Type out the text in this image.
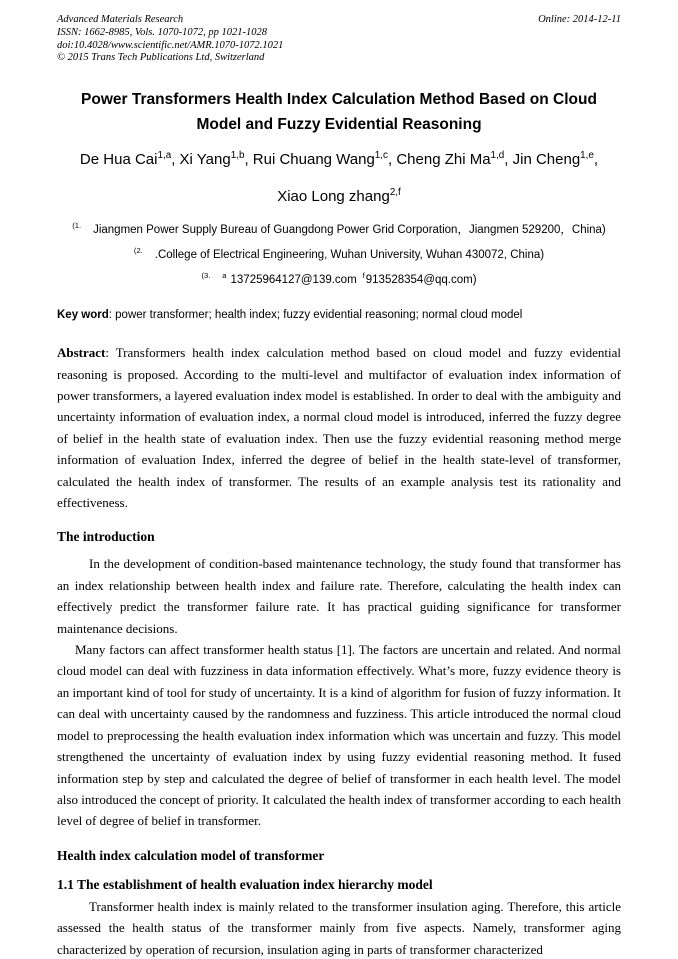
Advanced Materials Research
ISSN: 1662-8985, Vols. 1070-1072, pp 1021-1028
doi:10.4028/www.scientific.net/AMR.1070-1072.1021
© 2015 Trans Tech Publications Ltd, Switzerland
Online: 2014-12-11
Power Transformers Health Index Calculation Method Based on Cloud Model and Fuzzy Evidential Reasoning
De Hua Cai$^{1,a}$, Xi Yang$^{1,b}$, Rui Chuang Wang$^{1,c}$, Cheng Zhi Ma$^{1,d}$, Jin Cheng$^{1,e}$,
Xiao Long zhang$^{2,f}$
$^{(1.}$ Jiangmen Power Supply Bureau of Guangdong Power Grid Corporation，Jiangmen 529200，China)
$^{(2.}$ .College of Electrical Engineering, Wuhan University, Wuhan 430072, China)
$^{(3.}$ $^a$ 13725964127@139.com $^f$913528354@qq.com)
Key word: power transformer; health index; fuzzy evidential reasoning; normal cloud model

Abstract: Transformers health index calculation method based on cloud model and fuzzy evidential reasoning is proposed. According to the multi-level and multifactor of evaluation index information of power transformers, a layered evaluation index model is established. In order to deal with the ambiguity and uncertainty information of evaluation index, a normal cloud model is introduced, inferred the fuzzy degree of belief in the health state of evaluation index. Then use the fuzzy evidential reasoning method merge information of evaluation Index, inferred the degree of belief in the health state-level of transformer, calculated the health index of transformer. The results of an example analysis test its rationality and effectiveness.

The introduction

In the development of condition-based maintenance technology, the study found that transformer has an index relationship between health index and failure rate. Therefore, calculating the health index can effectively predict the transformer failure rate. It has practical guiding significance for transformer maintenance decisions.

Many factors can affect transformer health status [1]. The factors are uncertain and related. And normal cloud model can deal with fuzziness in data information effectively. What’s more, fuzzy evidence theory is an important kind of tool for study of uncertainty. It is a kind of algorithm for fusion of fuzzy information. It can deal with uncertainty caused by the randomness and fuzziness. This article introduced the normal cloud model to preprocessing the health evaluation index information which was uncertain and fuzzy. This model strengthened the uncertainty of evaluation index by using fuzzy evidential reasoning method. It fused information step by step and calculated the degree of belief of transformer in each health level. The model also introduced the concept of priority. It calculated the health index of transformer according to each health level of degree of belief in transformer.

Health index calculation model of transformer
1.1 The establishment of health evaluation index hierarchy model

Transformer health index is mainly related to the transformer insulation aging. Therefore, this article assessed the health status of the transformer mainly from five aspects. Namely, transformer aging characterized by operation of recursion, insulation aging in parts of transformer characterized
